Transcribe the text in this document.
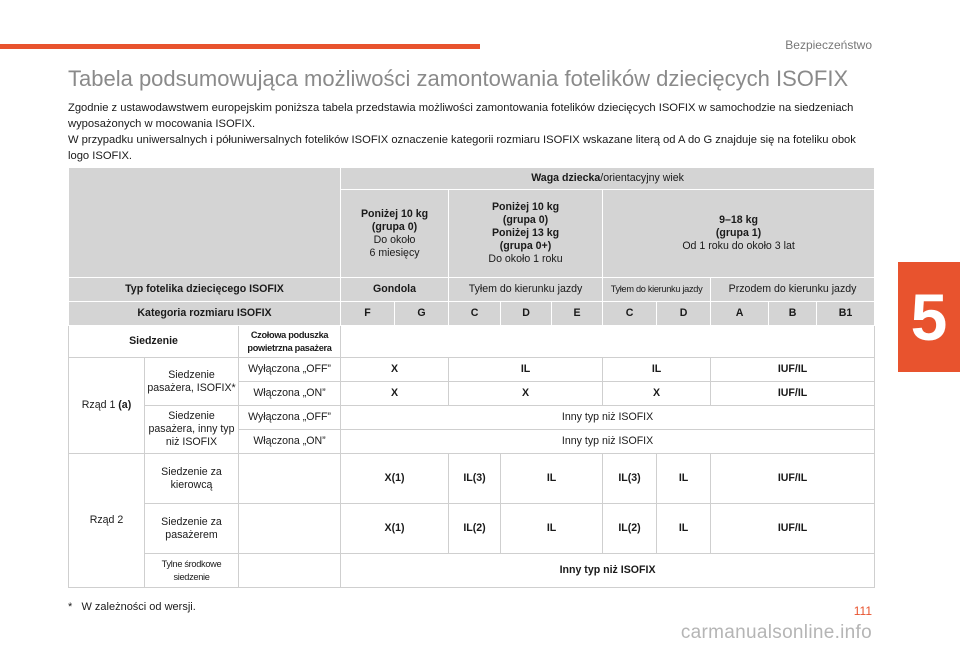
Bezpieczeństwo
5
Tabela podsumowująca możliwości zamontowania fotelików dziecięcych ISOFIX

Zgodnie z ustawodawstwem europejskim poniższa tabela przedstawia możliwości zamontowania fotelików dziecięcych ISOFIX w samochodzie na siedzeniach wyposażonych w mocowania ISOFIX.

W przypadku uniwersalnych i półuniwersalnych fotelików ISOFIX oznaczenie kategorii rozmiaru ISOFIX wskazane literą od A do G znajduje się na foteliku obok logo ISOFIX.

			Waga dziecka/orientacyjny wiek									
			Poniżej 10 kg
(grupa 0)
Do około
6 miesięcy		Poniżej 10 kg
(grupa 0)
Poniżej 13 kg
(grupa 0+)
Do około 1 roku			9–18 kg
(grupa 1)
Od 1 roku do około 3 lat				
Typ fotelika dziecięcego ISOFIX			Gondola		Tyłem do kierunku jazdy			Tyłem do kierunku jazdy		Przodem do kierunku jazdy		
Kategoria rozmiaru ISOFIX			F	G	C	D	E	C	D	A	B	B1
Siedzenie		Czołowa poduszka
powietrzna pasażera										
Rząd 1 (a)	Siedzenie pasażera, ISOFIX*	Wyłączona „OFF”	X		IL			IL		IUF/IL		
		Włączona „ON”	X		X			X		IUF/IL		
	Siedzenie pasażera, inny typ niż ISOFIX	Wyłączona „OFF”	Inny typ niż ISOFIX									
		Włączona „ON”	Inny typ niż ISOFIX									
Rząd 2	Siedzenie za kierowcą		X(1)		IL(3)	IL		IL(3)	IL	IUF/IL		
	Siedzenie za pasażerem		X(1)		IL(2)	IL		IL(2)	IL	IUF/IL		
	Tylne środkowe siedzenie		Inny typ niż ISOFIX									
* W zależności od wersji.	111
carmanualsonline.info
